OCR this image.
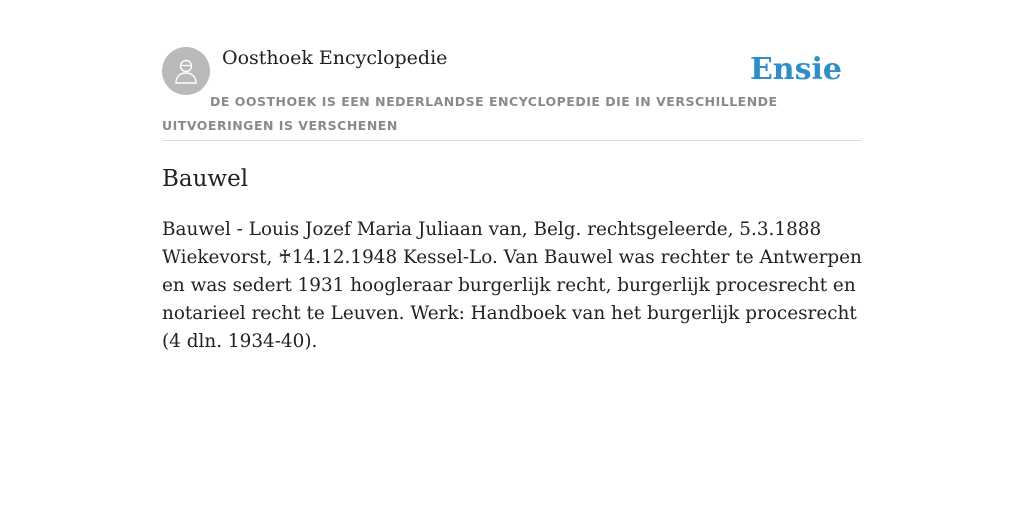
Oosthoek Encyclopedie	Ensie
DE OOSTHOEK IS EEN NEDERLANDSE ENCYCLOPEDIE DIE IN VERSCHILLENDE UITVOERINGEN IS VERSCHENEN
Bauwel
Bauwel - Louis Jozef Maria Juliaan van, Belg. rechtsgeleerde, 5.3.1888 Wiekevorst, ♰14.12.1948 Kessel-Lo. Van Bauwel was rechter te Antwerpen en was sedert 1931 hoogleraar burgerlijk recht, burgerlijk procesrecht en notarieel recht te Leuven. Werk: Handboek van het burgerlijk procesrecht (4 dln. 1934-40).
